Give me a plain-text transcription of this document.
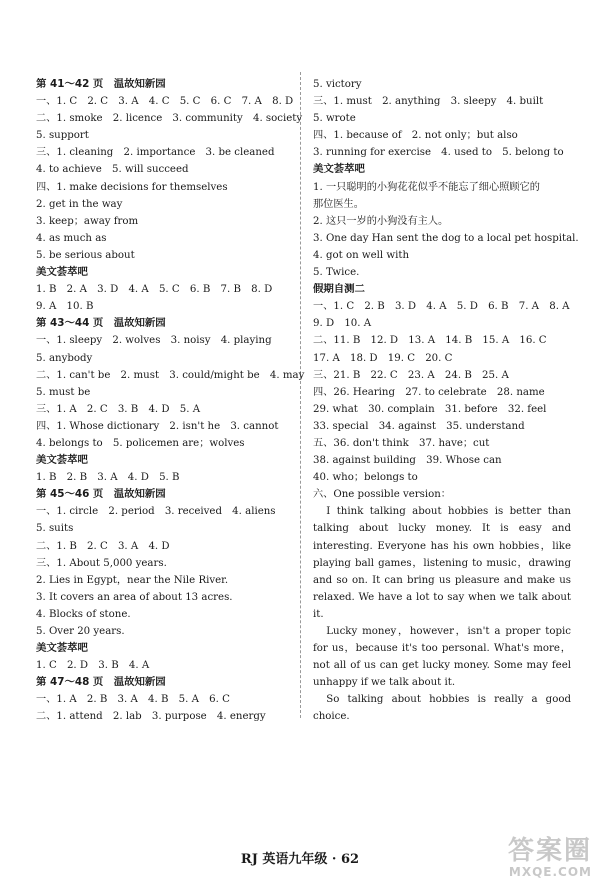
第 41～42 页　温故知新园
一、1. C　2. C　3. A　4. C　5. C　6. C　7. A　8. D
二、1. smoke　2. licence　3. community　4. society
5. support
三、1. cleaning　2. importance　3. be cleaned
4. to achieve　5. will succeed
四、1. make decisions for themselves
2. get in the way
3. keep；away from
4. as much as
5. be serious about
美文荟萃吧
1. B　2. A　3. D　4. A　5. C　6. B　7. B　8. D
9. A　10. B
第 43～44 页　温故知新园
一、1. sleepy　2. wolves　3. noisy　4. playing
5. anybody
二、1. can't be　2. must　3. could/might be　4. may
5. must be
三、1. A　2. C　3. B　4. D　5. A
四、1. Whose dictionary　2. isn't he　3. cannot
4. belongs to　5. policemen are；wolves
美文荟萃吧
1. B　2. B　3. A　4. D　5. B
第 45～46 页　温故知新园
一、1. circle　2. period　3. received　4. aliens
5. suits
二、1. B　2. C　3. A　4. D
三、1. About 5,000 years.
2. Lies in Egypt，near the Nile River.
3. It covers an area of about 13 acres.
4. Blocks of stone.
5. Over 20 years.
美文荟萃吧
1. C　2. D　3. B　4. A
第 47～48 页　温故知新园
一、1. A　2. B　3. A　4. B　5. A　6. C
二、1. attend　2. lab　3. purpose　4. energy
5. victory
三、1. must　2. anything　3. sleepy　4. built
5. wrote
四、1. because of　2. not only；but also
3. running for exercise　4. used to　5. belong to
美文荟萃吧
1. 一只聪明的小狗花花似乎不能忘了细心照顾它的
那位医生。
2. 这只一岁的小狗没有主人。
3. One day Han sent the dog to a local pet hospital.
4. got on well with
5. Twice.
假期自测二
一、1. C　2. B　3. D　4. A　5. D　6. B　7. A　8. A
9. D　10. A
二、11. B　12. D　13. A　14. B　15. A　16. C
17. A　18. D　19. C　20. C
三、21. B　22. C　23. A　24. B　25. A
四、26. Hearing　27. to celebrate　28. name
29. what　30. complain　31. before　32. feel
33. special　34. against　35. understand
五、36. don't think　37. have；cut
38. against building　39. Whose can
40. who；belongs to
六、One possible version：

I think talking about hobbies is better than talking about lucky money. It is easy and interesting. Everyone has his own hobbies，like playing ball games，listening to music，drawing and so on. It can bring us pleasure and make us relaxed. We have a lot to say when we talk about it.

Lucky money，however，isn't a proper topic for us，because it's too personal. What's more，not all of us can get lucky money. Some may feel unhappy if we talk about it.

So talking about hobbies is really a good choice.

RJ 英语九年级 · 62	答案圈
MXQE.COM
